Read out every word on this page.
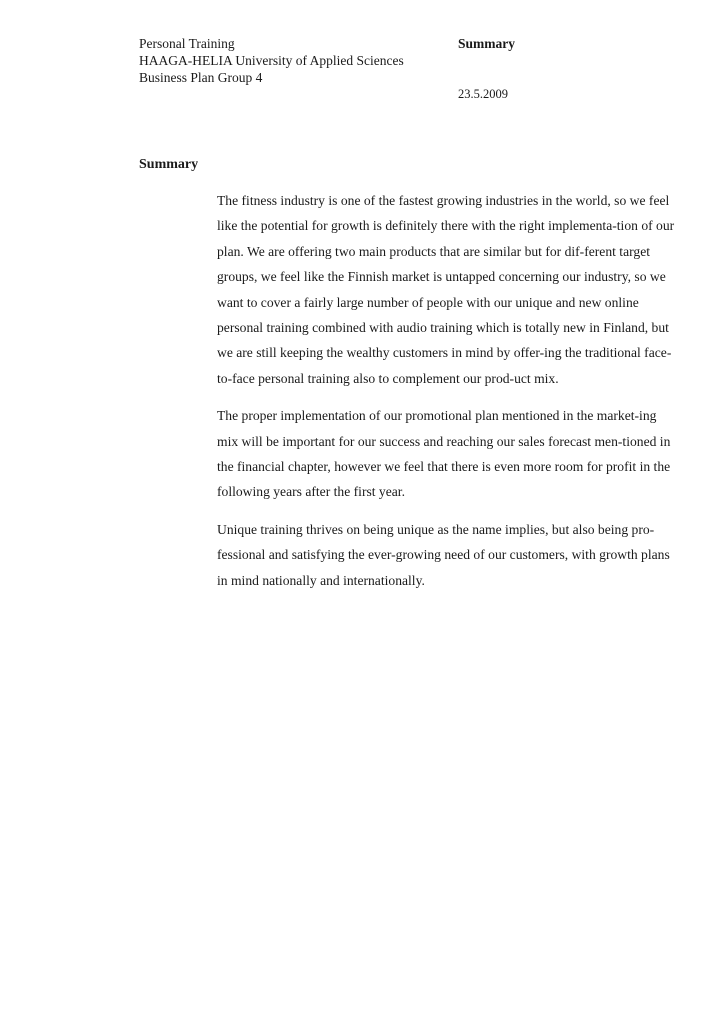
Personal Training
HAAGA-HELIA University of Applied Sciences
Business Plan Group 4
Summary
23.5.2009
Summary

The fitness industry is one of the fastest growing industries in the world, so we feel like the potential for growth is definitely there with the right implementa-tion of our plan. We are offering two main products that are similar but for dif-ferent target groups, we feel like the Finnish market is untapped concerning our industry, so we want to cover a fairly large number of people with our unique and new online personal training combined with audio training which is totally new in Finland, but we are still keeping the wealthy customers in mind by offer-ing the traditional face-to-face personal training also to complement our prod-uct mix.

The proper implementation of our promotional plan mentioned in the market-ing mix will be important for our success and reaching our sales forecast men-tioned in the financial chapter, however we feel that there is even more room for profit in the following years after the first year.

Unique training thrives on being unique as the name implies, but also being pro-fessional and satisfying the ever-growing need of our customers, with growth plans in mind nationally and internationally.
